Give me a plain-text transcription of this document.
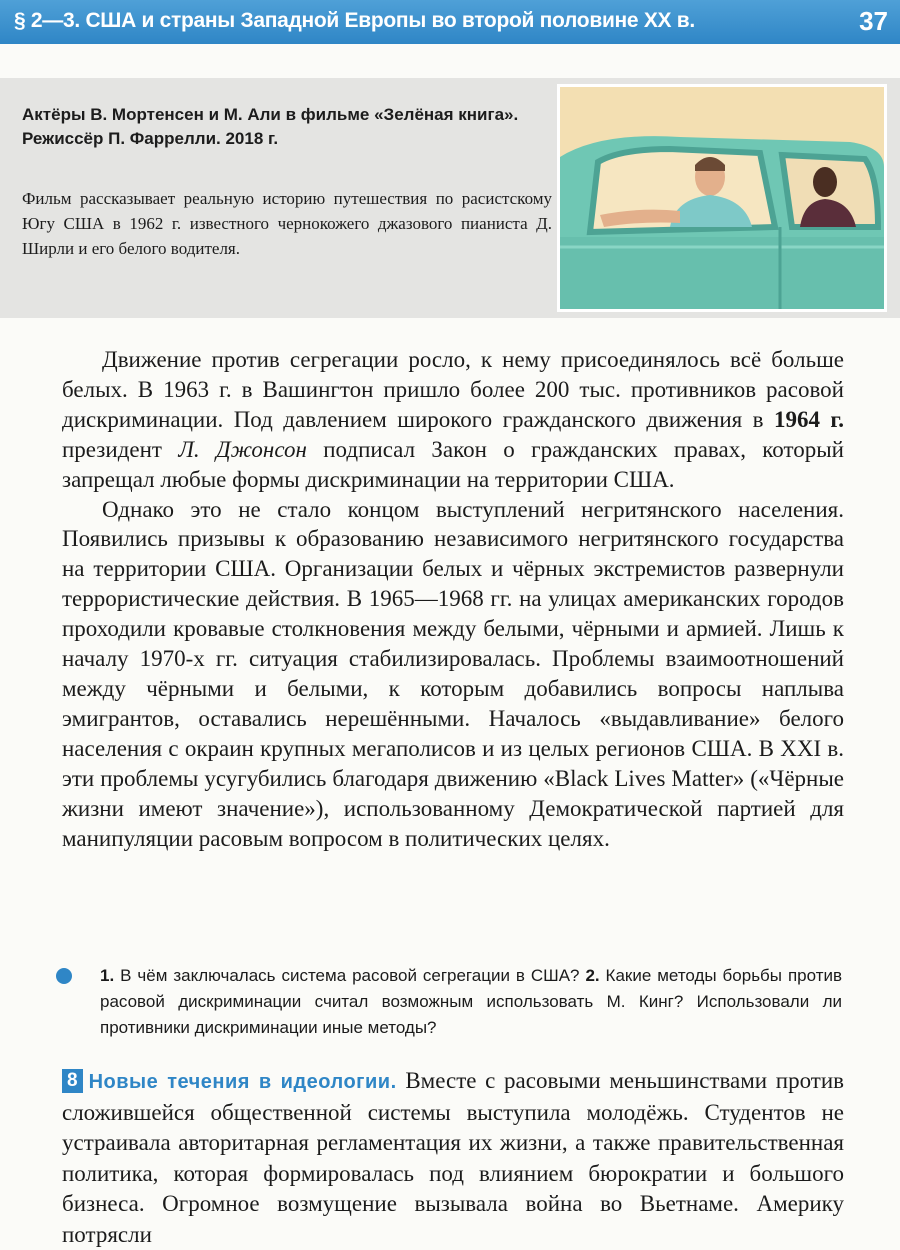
§ 2—3. США и страны Западной Европы во второй половине XX в.	37
Актёры В. Мортенсен и М. Али в фильме «Зелёная книга». Режиссёр П. Фаррелли. 2018 г.
Фильм рассказывает реальную историю путешествия по расистскому Югу США в 1962 г. известного чернокожего джазового пианиста Д. Ширли и его белого водителя.

Движение против сегрегации росло, к нему присоединялось всё больше белых. В 1963 г. в Вашингтон пришло более 200 тыс. противников расовой дискриминации. Под давлением широкого гражданского движения в 1964 г. президент Л. Джонсон подписал Закон о гражданских правах, который запрещал любые формы дискриминации на территории США.

Однако это не стало концом выступлений негритянского населения. Появились призывы к образованию независимого негритянского государства на территории США. Организации белых и чёрных экстремистов развернули террористические действия. В 1965—1968 гг. на улицах американских городов проходили кровавые столкновения между белыми, чёрными и армией. Лишь к началу 1970-х гг. ситуация стабилизировалась. Проблемы взаимоотношений между чёрными и белыми, к которым добавились вопросы наплыва эмигрантов, оставались нерешёнными. Началось «выдавливание» белого населения с окраин крупных мегаполисов и из целых регионов США. В XXI в. эти проблемы усугубились благодаря движению «Black Lives Matter» («Чёрные жизни имеют значение»), использованному Демократической партией для манипуляции расовым вопросом в политических целях.

1. В чём заключалась система расовой сегрегации в США? 2. Какие методы борьбы против расовой дискриминации считал возможным использовать М. Кинг? Использовали ли противники дискриминации иные методы?
8 Новые течения в идеологии. Вместе с расовыми меньшинствами против сложившейся общественной системы выступила молодёжь. Студентов не устраивала авторитарная регламентация их жизни, а также правительственная политика, которая формировалась под влиянием бюрократии и большого бизнеса. Огромное возмущение вызывала война во Вьетнаме. Америку потрясли
